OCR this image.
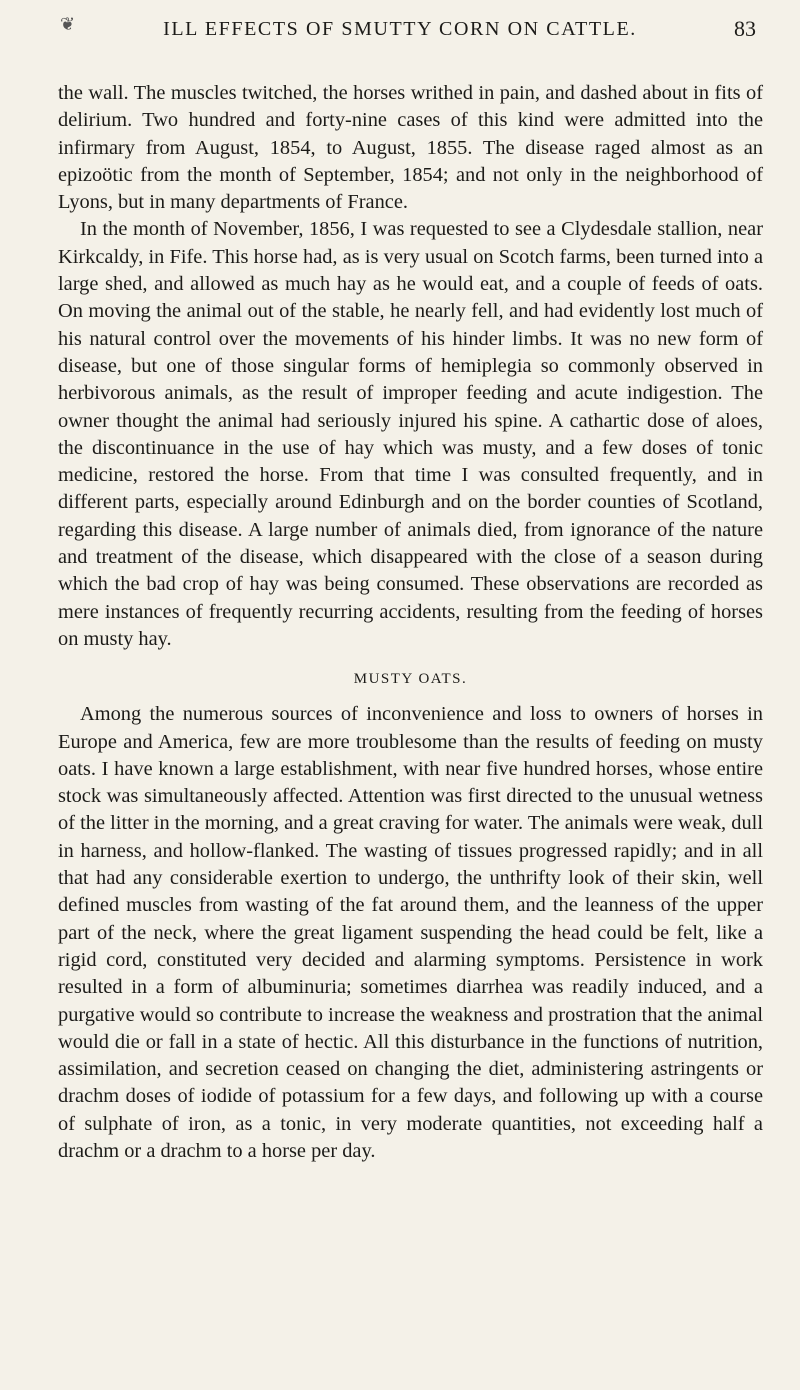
❦	ILL EFFECTS OF SMUTTY CORN ON CATTLE.	83

the wall. The muscles twitched, the horses writhed in pain, and dashed about in fits of delirium. Two hundred and forty-nine cases of this kind were admitted into the infirmary from August, 1854, to August, 1855. The disease raged almost as an epizoötic from the month of September, 1854; and not only in the neighborhood of Lyons, but in many departments of France.

In the month of November, 1856, I was requested to see a Clydesdale stallion, near Kirkcaldy, in Fife. This horse had, as is very usual on Scotch farms, been turned into a large shed, and allowed as much hay as he would eat, and a couple of feeds of oats. On moving the animal out of the stable, he nearly fell, and had evidently lost much of his natural control over the movements of his hinder limbs. It was no new form of disease, but one of those singular forms of hemiplegia so commonly observed in herbivorous animals, as the result of improper feeding and acute indigestion. The owner thought the animal had seriously injured his spine. A cathartic dose of aloes, the discontinuance in the use of hay which was musty, and a few doses of tonic medicine, restored the horse. From that time I was consulted frequently, and in different parts, especially around Edinburgh and on the border counties of Scotland, regarding this disease. A large number of animals died, from ignorance of the nature and treatment of the disease, which disappeared with the close of a season during which the bad crop of hay was being consumed. These observations are recorded as mere instances of frequently recurring accidents, resulting from the feeding of horses on musty hay.

MUSTY OATS.

Among the numerous sources of inconvenience and loss to owners of horses in Europe and America, few are more troublesome than the results of feeding on musty oats. I have known a large establishment, with near five hundred horses, whose entire stock was simultaneously affected. Attention was first directed to the unusual wetness of the litter in the morning, and a great craving for water. The animals were weak, dull in harness, and hollow-flanked. The wasting of tissues progressed rapidly; and in all that had any considerable exertion to undergo, the unthrifty look of their skin, well defined muscles from wasting of the fat around them, and the leanness of the upper part of the neck, where the great ligament suspending the head could be felt, like a rigid cord, constituted very decided and alarming symptoms. Persistence in work resulted in a form of albuminuria; sometimes diarrhea was readily induced, and a purgative would so contribute to increase the weakness and prostration that the animal would die or fall in a state of hectic. All this disturbance in the functions of nutrition, assimilation, and secretion ceased on changing the diet, administering astringents or drachm doses of iodide of potassium for a few days, and following up with a course of sulphate of iron, as a tonic, in very moderate quantities, not exceeding half a drachm or a drachm to a horse per day.
